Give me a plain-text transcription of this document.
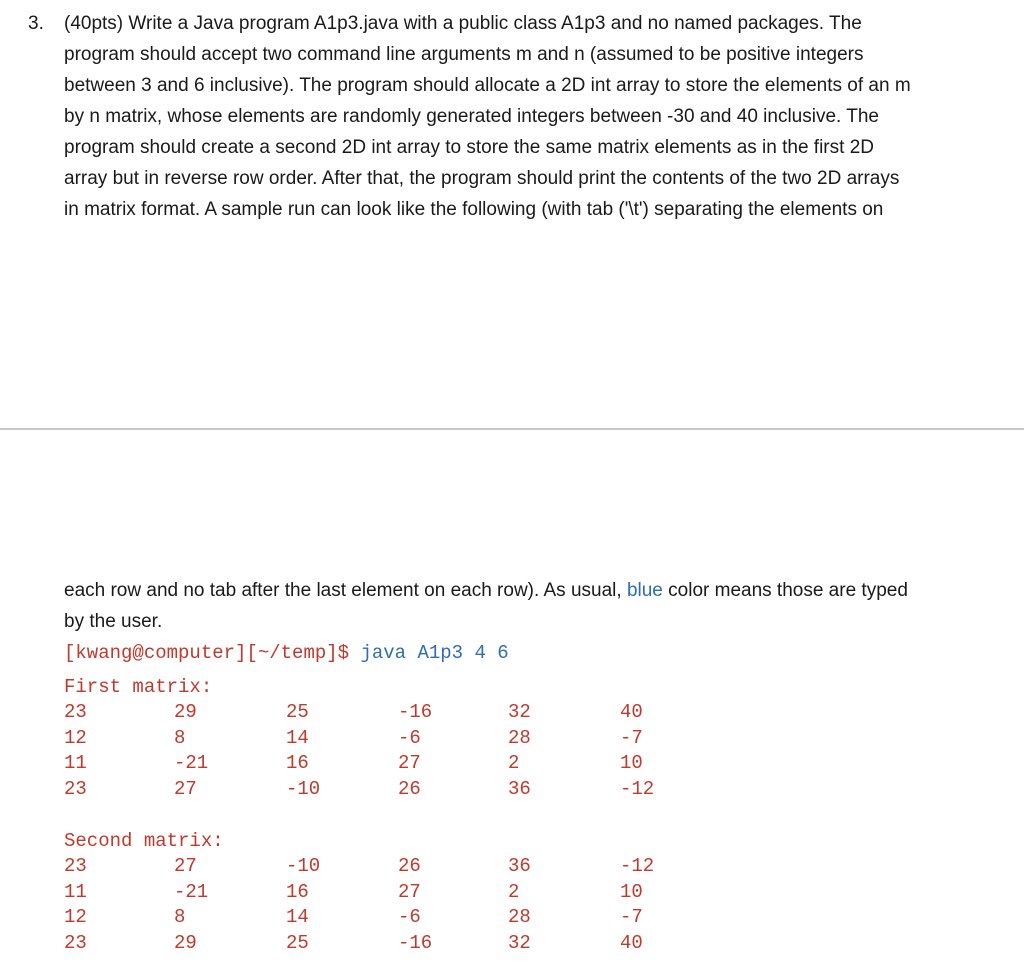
3. (40pts) Write a Java program A1p3.java with a public class A1p3 and no named packages. The
program should accept two command line arguments m and n (assumed to be positive integers
between 3 and 6 inclusive). The program should allocate a 2D int array to store the elements of an m
by n matrix, whose elements are randomly generated integers between -30 and 40 inclusive. The
program should create a second 2D int array to store the same matrix elements as in the first 2D
array but in reverse row order. After that, the program should print the contents of the two 2D arrays
in matrix format. A sample run can look like the following (with tab ('\t') separating the elements on
each row and no tab after the last element on each row). As usual, blue color means those are typed
by the user.
[kwang@computer][~/temp]$ java A1p3 4 6
First matrix:
23	29	25	-16	32	40
12	8	14	-6	28	-7
11	-21	16	27	2	10
23	27	-10	26	36	-12
Second matrix:
23	27	-10	26	36	-12
11	-21	16	27	2	10
12	8	14	-6	28	-7
23	29	25	-16	32	40
